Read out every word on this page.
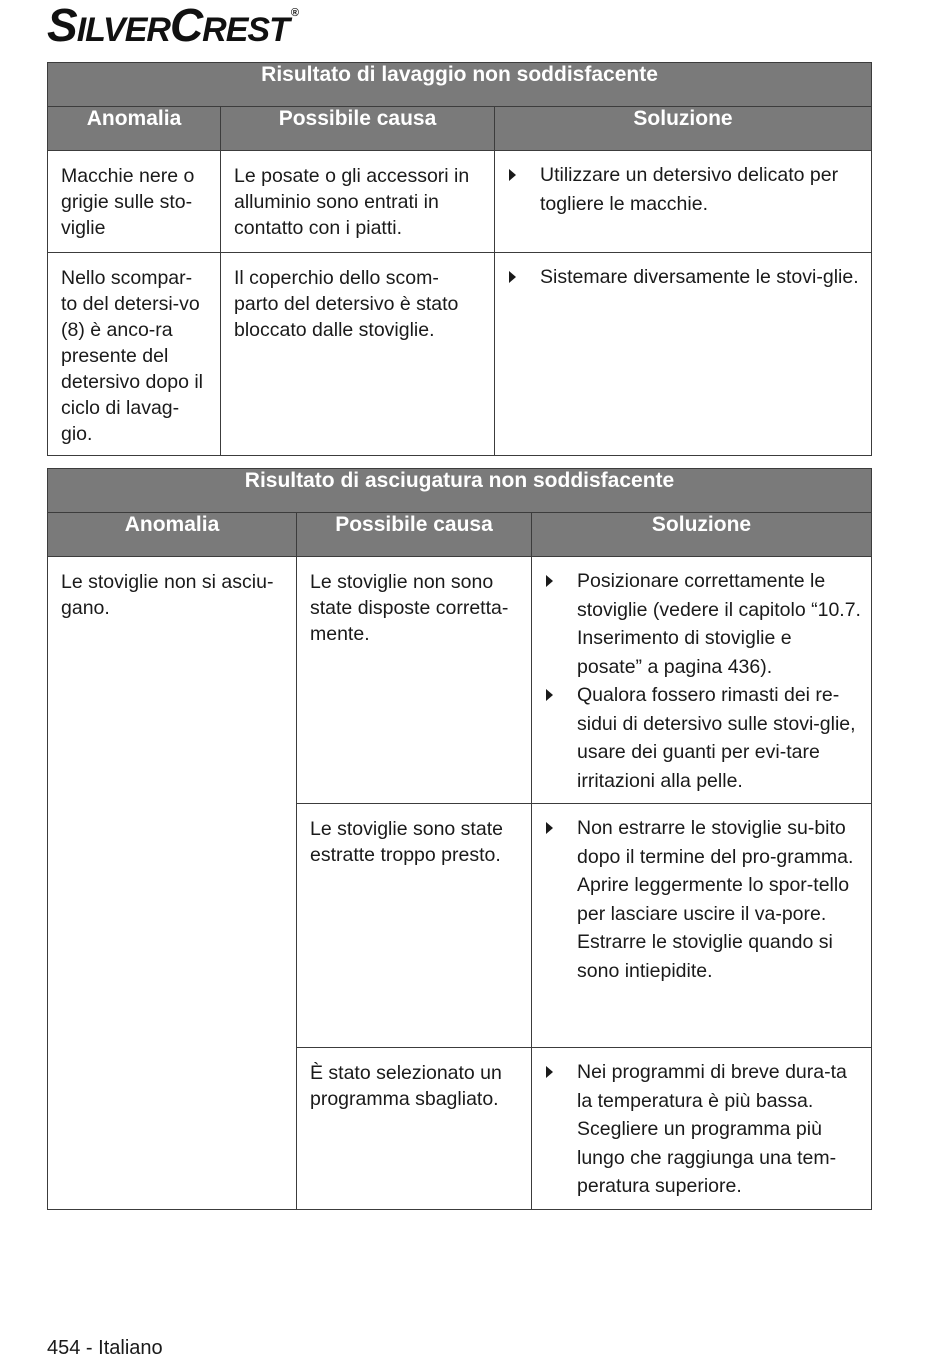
SILVERCREST ®
Risultato di lavaggio non soddisfacente		
Anomalia	Possibile causa	Soluzione
Macchie nere o grigie sulle sto-viglie	Le posate o gli accessori in alluminio sono entrati in contatto con i piatti.	Utilizzare un detersivo delicato per togliere le macchie.

Nello scompar-to del detersi-vo (8) è anco-ra presente del detersivo dopo il ciclo di lavag-gio.	Il coperchio dello scom-parto del detersivo è stato bloccato dalle stoviglie.	Sistemare diversamente le stovi-glie.
Risultato di asciugatura non soddisfacente		
Anomalia	Possibile causa	Soluzione
Le stoviglie non si asciu-gano.	Le stoviglie non sono state disposte corretta-mente.	Posizionare correttamente le stoviglie (vedere il capitolo “10.7. Inserimento di stoviglie e posate” a pagina 436).
Qualora fossero rimasti dei re-sidui di detersivo sulle stovi-glie, usare dei guanti per evi-tare irritazioni alla pelle.

	Le stoviglie sono state estratte troppo presto.	Non estrarre le stoviglie su-bito dopo il termine del pro-gramma.
Aprire leggermente lo spor-tello per lasciare uscire il va-pore.
Estrarre le stoviglie quando si sono intiepidite.

	È stato selezionato un programma sbagliato.	Nei programmi di breve dura-ta la temperatura è più bassa.
Scegliere un programma più lungo che raggiunga una tem-peratura superiore.
454 - Italiano
